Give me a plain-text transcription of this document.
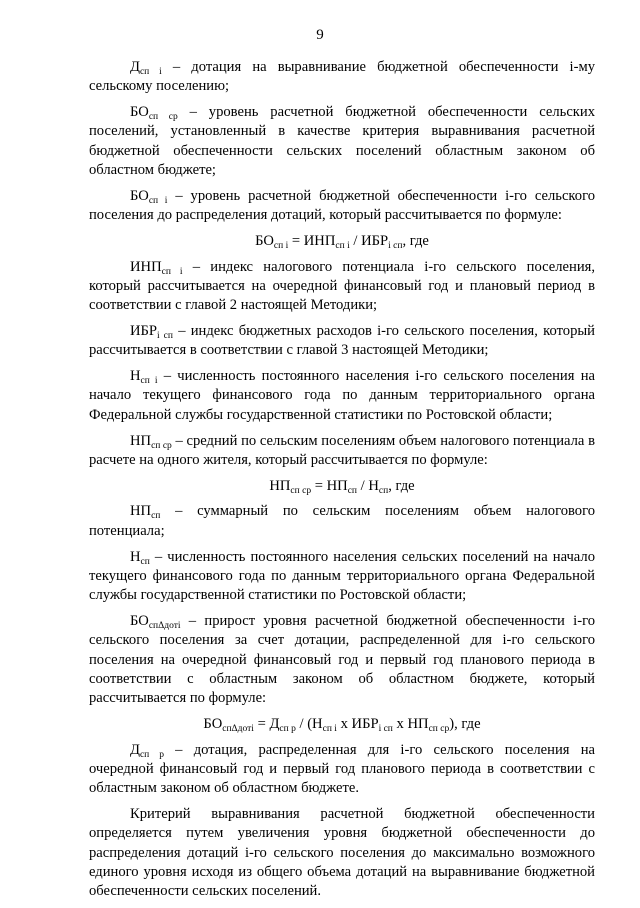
9

$Д_{сп i}$ – дотация на выравнивание бюджетной обеспеченности i-му сельскому поселению;

$БО_{сп ср}$ – уровень расчетной бюджетной обеспеченности сельских поселений, установленный в качестве критерия выравнивания расчетной бюджетной обеспеченности сельских поселений областным законом об областном бюджете;

$БО_{сп i}$ – уровень расчетной бюджетной обеспеченности i-го сельского поселения до распределения дотаций, который рассчитывается по формуле:

$БО_{сп i} = ИНП_{сп i} / ИБР_{i сп}$, где

$ИНП_{сп i}$ – индекс налогового потенциала i-го сельского поселения, который рассчитывается на очередной финансовый год и плановый период в соответствии с главой 2 настоящей Методики;

$ИБР_{i сп}$ – индекс бюджетных расходов i-го сельского поселения, который рассчитывается в соответствии с главой 3 настоящей Методики;

$Н_{сп i}$ – численность постоянного населения i-го сельского поселения на начало текущего финансового года по данным территориального органа Федеральной службы государственной статистики по Ростовской области;

$НП_{сп ср}$ – средний по сельским поселениям объем налогового потенциала в расчете на одного жителя, который рассчитывается по формуле:

$НП_{сп ср} = НП_{сп} / Н_{сп}$, где

$НП_{сп}$ – суммарный по сельским поселениям объем налогового потенциала;

$Н_{сп}$ – численность постоянного населения сельских поселений на начало текущего финансового года по данным территориального органа Федеральной службы государственной статистики по Ростовской области;

$БО_{сп\Delta дотi}$ – прирост уровня расчетной бюджетной обеспеченности i-го сельского поселения за счет дотации, распределенной для i-го сельского поселения на очередной финансовый год и первый год планового периода в соответствии с областным законом об областном бюджете, который рассчитывается по формуле:

$БО_{сп\Delta дотi} = Д_{сп р} / (Н_{сп i}$ х $ИБР_{i сп}$ х $НП_{сп ср}$), где

$Д_{сп р}$ – дотация, распределенная для i-го сельского поселения на очередной финансовый год и первый год планового периода в соответствии с областным законом об областном бюджете.

Критерий выравнивания расчетной бюджетной обеспеченности определяется путем увеличения уровня бюджетной обеспеченности до распределения дотаций i-го сельского поселения до максимально возможного единого уровня исходя из общего объема дотаций на выравнивание бюджетной обеспеченности сельских поселений.
